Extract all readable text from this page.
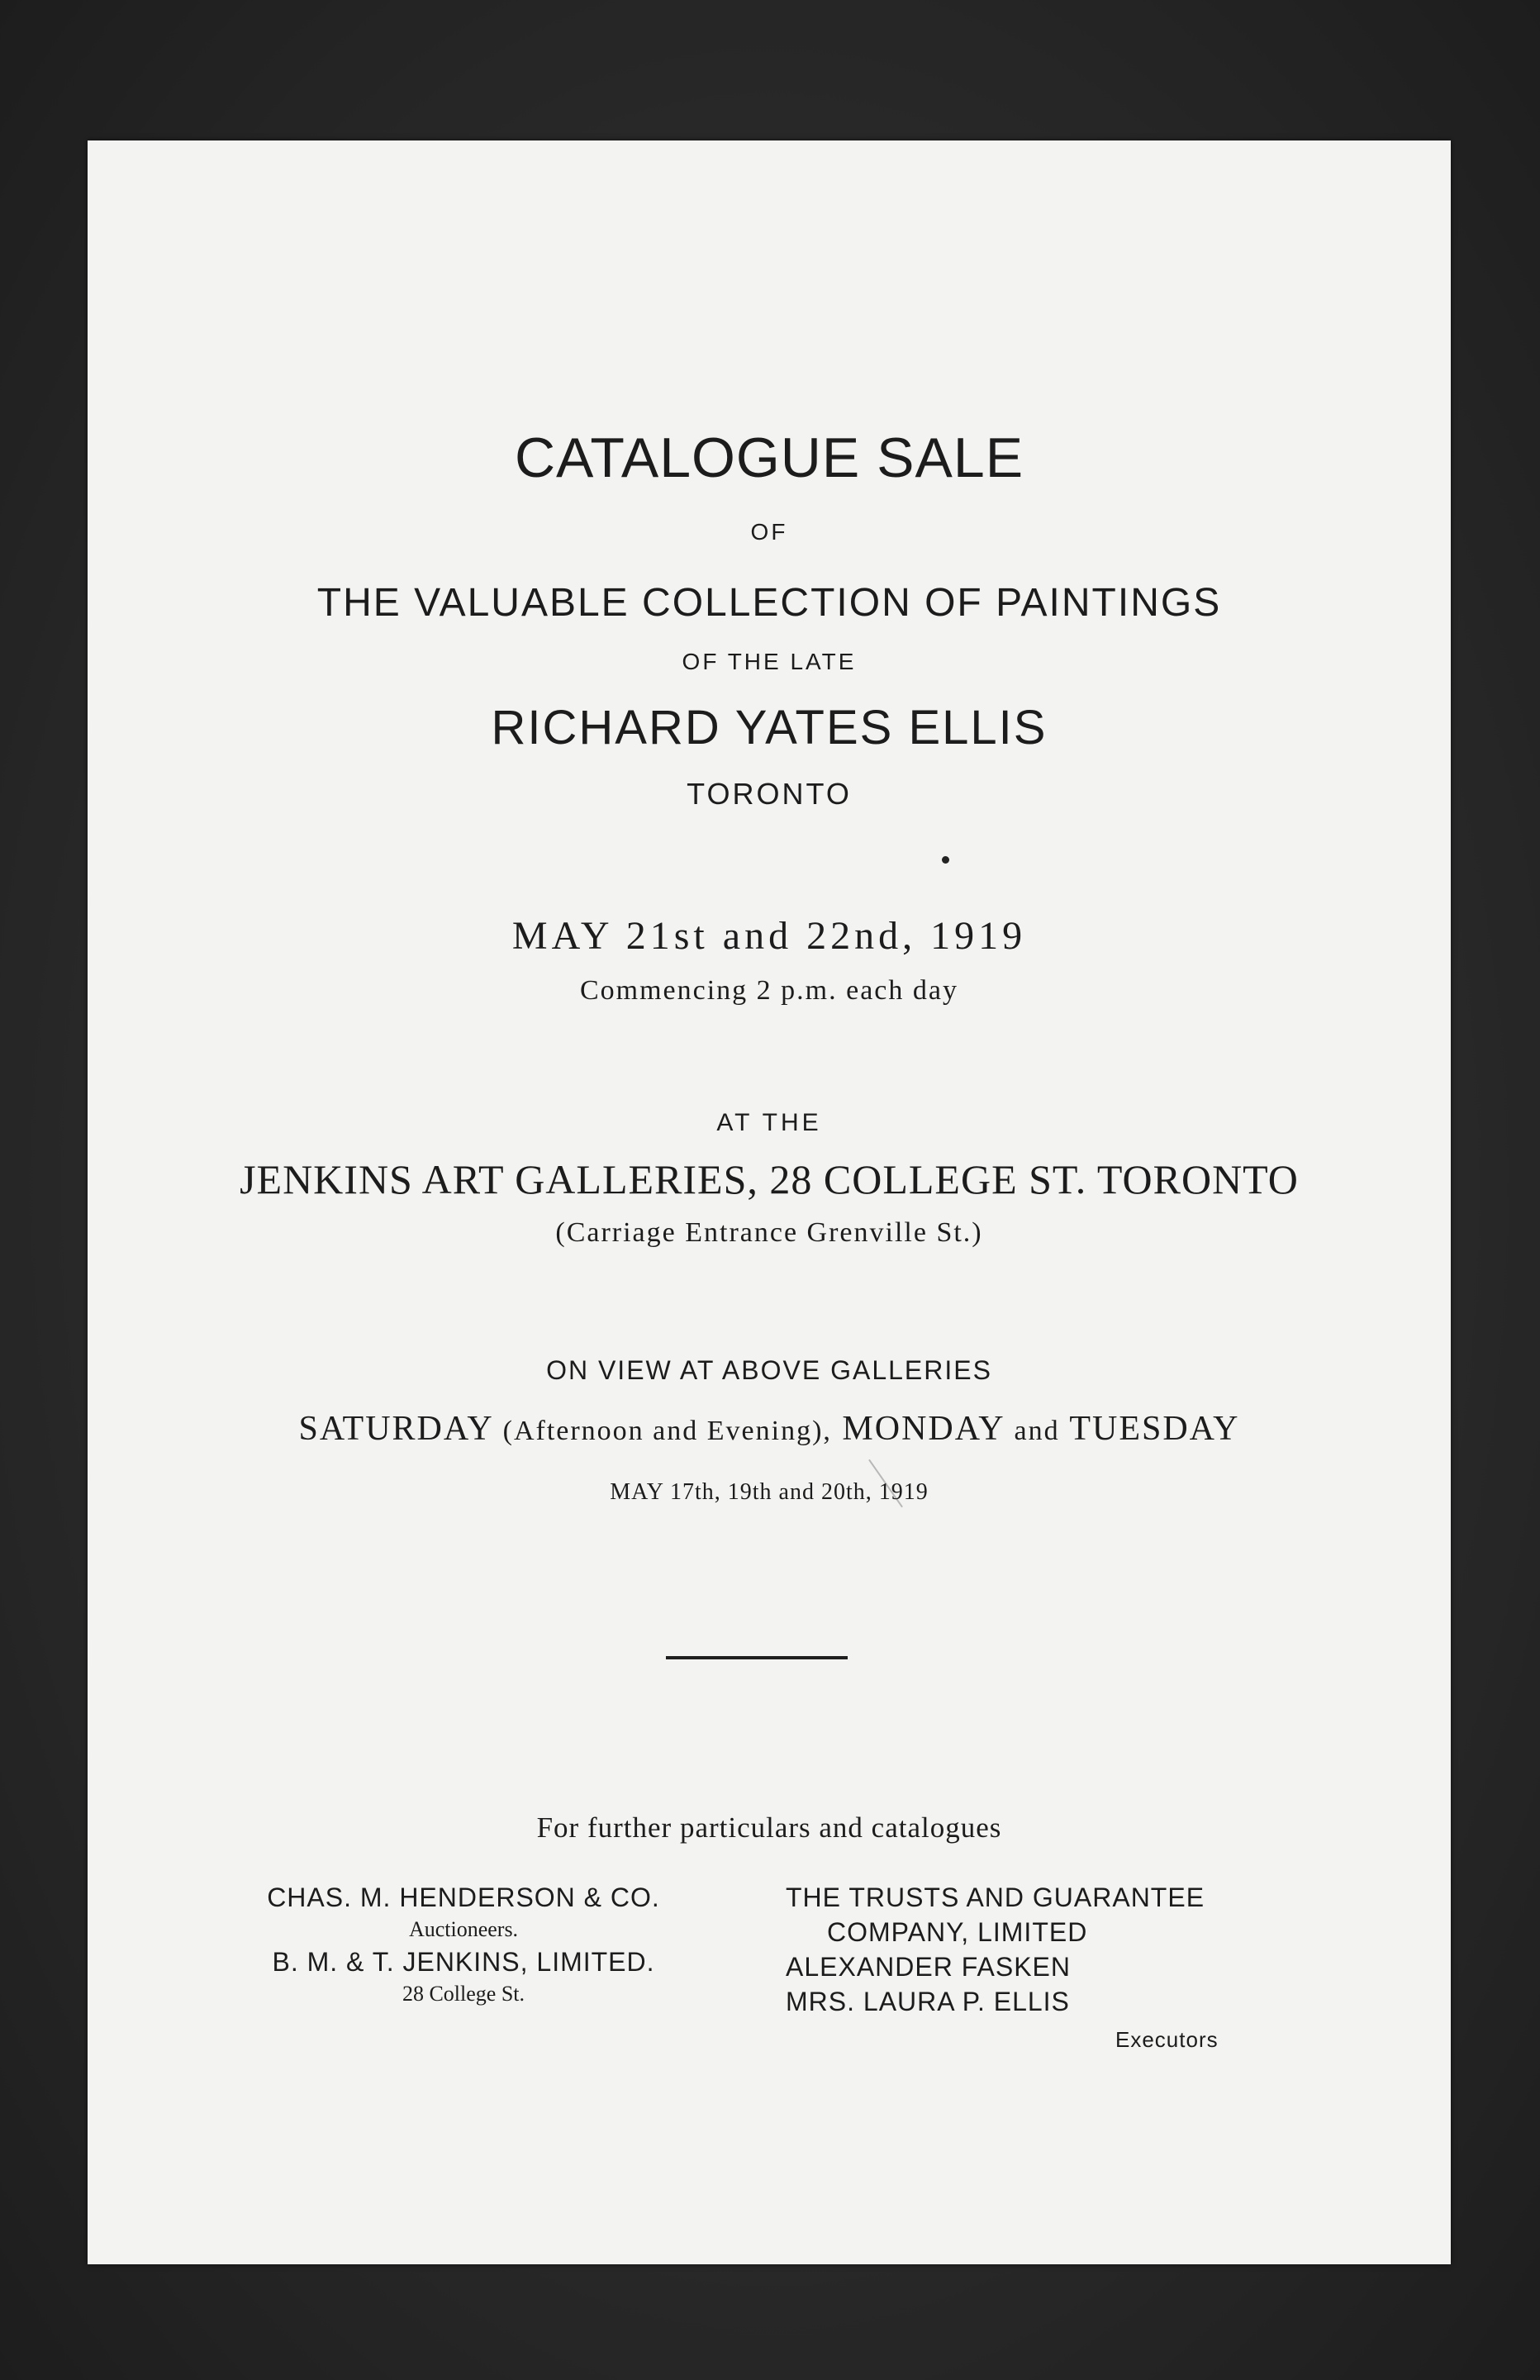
CATALOGUE SALE
OF
THE VALUABLE COLLECTION OF PAINTINGS
OF THE LATE
RICHARD YATES ELLIS
TORONTO
MAY 21st and 22nd, 1919
Commencing 2 p.m. each day
AT THE
JENKINS ART GALLERIES, 28 COLLEGE ST. TORONTO
(Carriage Entrance Grenville St.)
ON VIEW AT ABOVE GALLERIES
SATURDAY (Afternoon and Evening), MONDAY and TUESDAY
MAY 17th, 19th and 20th, 1919
For further particulars and catalogues
CHAS. M. HENDERSON & CO.
Auctioneers.
B. M. & T. JENKINS, LIMITED.
28 College St.
THE TRUSTS AND GUARANTEE
COMPANY, LIMITED
ALEXANDER FASKEN
MRS. LAURA P. ELLIS
Executors
